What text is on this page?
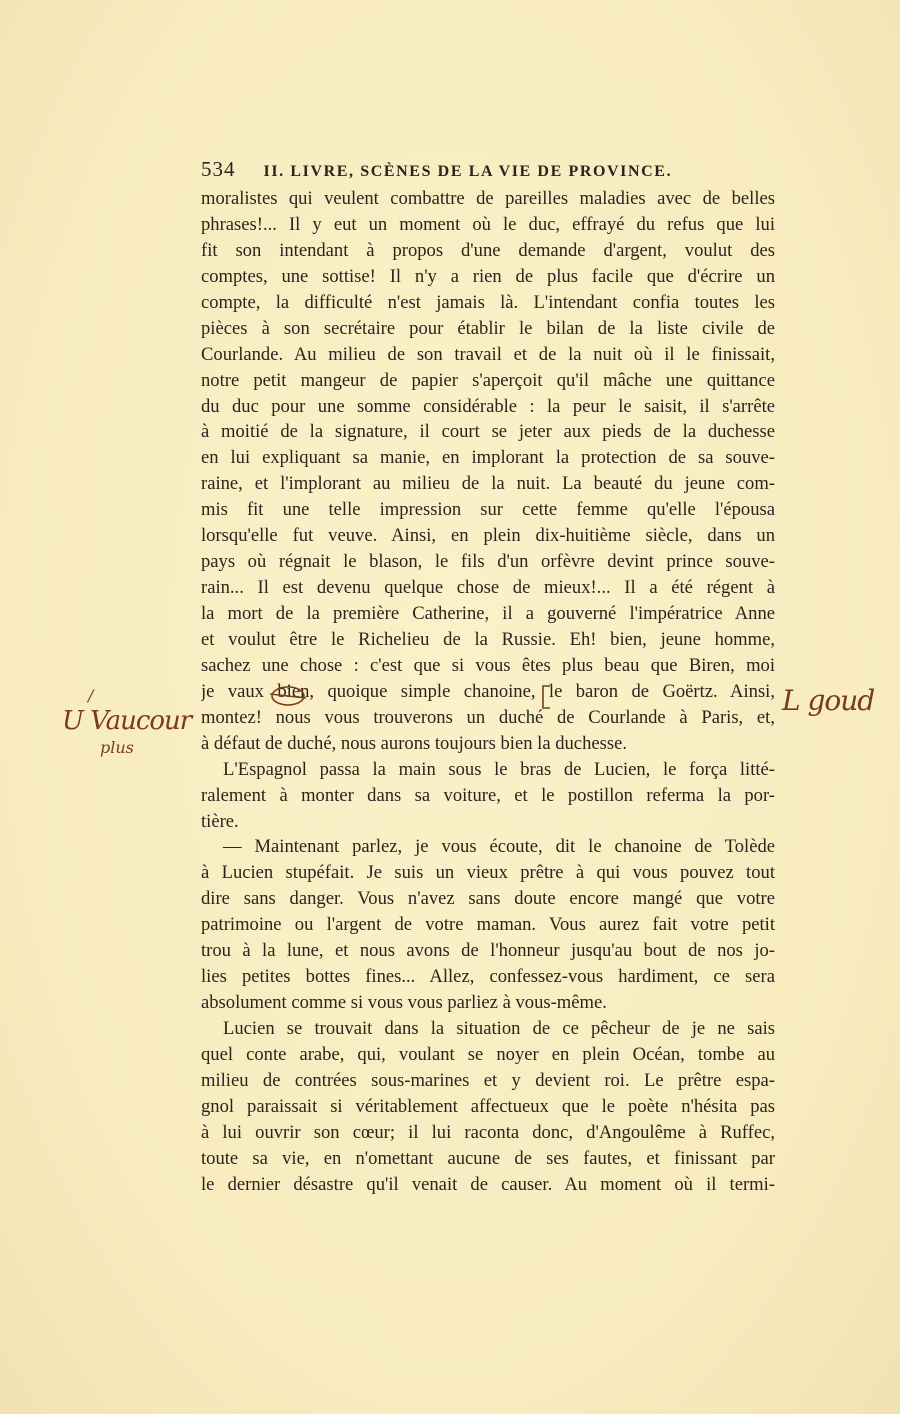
534 II. LIVRE, SCÈNES DE LA VIE DE PROVINCE.
moralistes qui veulent combattre de pareilles maladies avec de belles
phrases!... Il y eut un moment où le duc, effrayé du refus que lui
fit son intendant à propos d'une demande d'argent, voulut des
comptes, une sottise! Il n'y a rien de plus facile que d'écrire un
compte, la difficulté n'est jamais là. L'intendant confia toutes les
pièces à son secrétaire pour établir le bilan de la liste civile de
Courlande. Au milieu de son travail et de la nuit où il le finissait,
notre petit mangeur de papier s'aperçoit qu'il mâche une quittance
du duc pour une somme considérable : la peur le saisit, il s'arrête
à moitié de la signature, il court se jeter aux pieds de la duchesse
en lui expliquant sa manie, en implorant la protection de sa souve-
raine, et l'implorant au milieu de la nuit. La beauté du jeune com-
mis fit une telle impression sur cette femme qu'elle l'épousa
lorsqu'elle fut veuve. Ainsi, en plein dix-huitième siècle, dans un
pays où régnait le blason, le fils d'un orfèvre devint prince souve-
rain... Il est devenu quelque chose de mieux!... Il a été régent à
la mort de la première Catherine, il a gouverné l'impératrice Anne
et voulut être le Richelieu de la Russie. Eh! bien, jeune homme,
sachez une chose : c'est que si vous êtes plus beau que Biren, moi
je vaux bien, quoique simple chanoine, le baron de Goërtz. Ainsi,
montez! nous vous trouverons un duché de Courlande à Paris, et,
à défaut de duché, nous aurons toujours bien la duchesse.
L'Espagnol passa la main sous le bras de Lucien, le força litté-
ralement à monter dans sa voiture, et le postillon referma la por-
tière.
— Maintenant parlez, je vous écoute, dit le chanoine de Tolède
à Lucien stupéfait. Je suis un vieux prêtre à qui vous pouvez tout
dire sans danger. Vous n'avez sans doute encore mangé que votre
patrimoine ou l'argent de votre maman. Vous aurez fait votre petit
trou à la lune, et nous avons de l'honneur jusqu'au bout de nos jo-
lies petites bottes fines... Allez, confessez-vous hardiment, ce sera
absolument comme si vous vous parliez à vous-même.
Lucien se trouvait dans la situation de ce pêcheur de je ne sais
quel conte arabe, qui, voulant se noyer en plein Océan, tombe au
milieu de contrées sous-marines et y devient roi. Le prêtre espa-
gnol paraissait si véritablement affectueux que le poète n'hésita pas
à lui ouvrir son cœur; il lui raconta donc, d'Angoulême à Ruffec,
toute sa vie, en n'omettant aucune de ses fautes, et finissant par
le dernier désastre qu'il venait de causer. Au moment où il termi-
/
U Vaucour
plus
L goud
